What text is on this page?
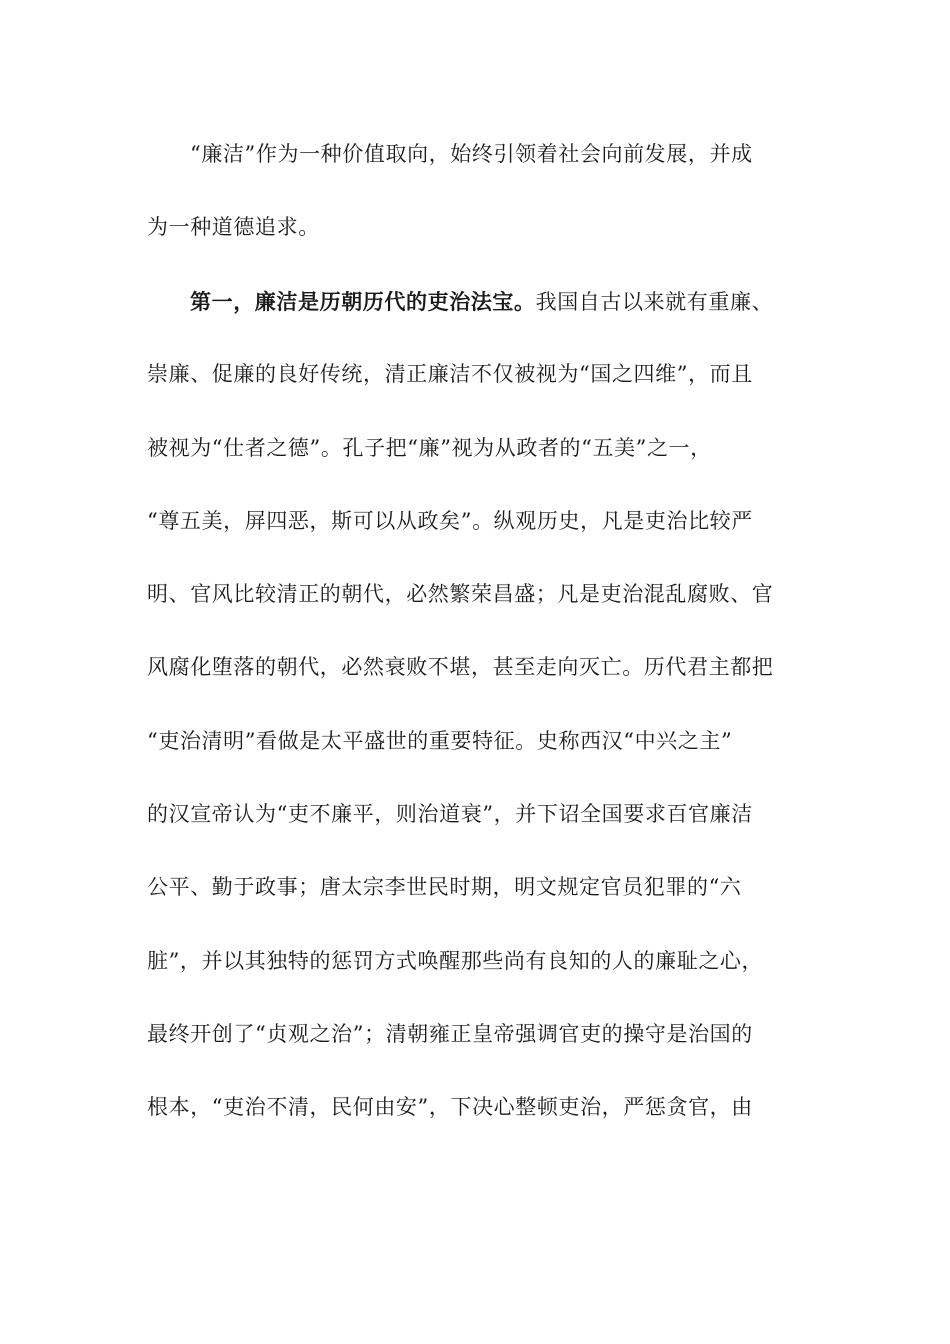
“廉洁”作为一种价值取向，始终引领着社会向前发展，并成
为一种道德追求。
第一，廉洁是历朝历代的吏治法宝。我国自古以来就有重廉、
崇廉、促廉的良好传统，清正廉洁不仅被视为“国之四维”，而且
被视为“仕者之德”。孔子把“廉”视为从政者的“五美”之一，
“尊五美，屏四恶，斯可以从政矣”。纵观历史，凡是吏治比较严
明、官风比较清正的朝代，必然繁荣昌盛；凡是吏治混乱腐败、官
风腐化堕落的朝代，必然衰败不堪，甚至走向灭亡。历代君主都把
“吏治清明”看做是太平盛世的重要特征。史称西汉“中兴之主”
的汉宣帝认为“吏不廉平，则治道衰”，并下诏全国要求百官廉洁
公平、勤于政事；唐太宗李世民时期，明文规定官员犯罪的“六
脏”，并以其独特的惩罚方式唤醒那些尚有良知的人的廉耻之心，
最终开创了“贞观之治”；清朝雍正皇帝强调官吏的操守是治国的
根本，“吏治不清，民何由安”，下决心整顿吏治，严惩贪官，由
